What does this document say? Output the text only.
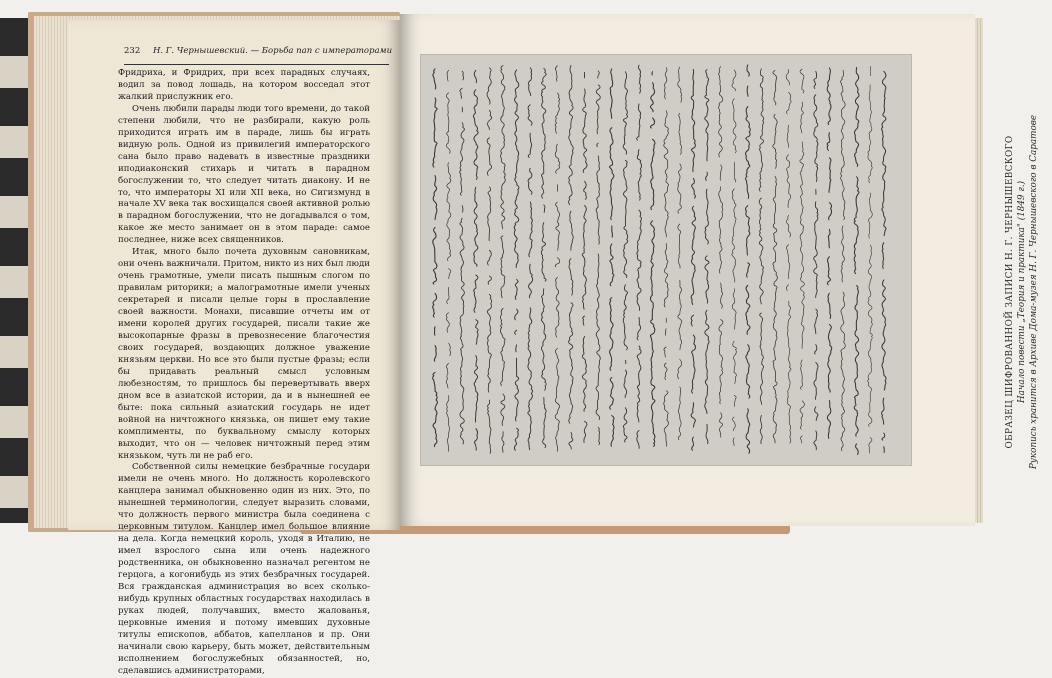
232 Н. Г. Чернышевский. — Борьба пап с императорами

Фридриха, и Фридрих, при всех парадных случаях, водил за повод лошадь, на котором восседал этот жалкий прислужник его.

Очень любили парады люди того времени, до такой степени любили, что не разбирали, какую роль приходится играть им в параде, лишь бы играть видную роль. Одной из привилегий императорского сана было право надевать в известные праздники иподиаконский стихарь и читать в парадном богослужении то, что следует читать диакону. И не то, что императоры XI или XII века, но Сигизмунд в начале XV века так восхищался своей активной ролью в парадном богослужении, что не догадывался о том, какое же место занимает он в этом параде: самое последнее, ниже всех священников.

Итак, много было почета духовным сановникам, они очень важничали. Притом, никто из них был люди очень грамотные, умели писать пышным слогом по правилам риторики; а малограмотные имели ученых секретарей и писали целые горы в прославление своей важности. Монахи, писавшие отчеты им от имени королей других государей, писали такие же высокопарные фразы в превознесение благочестия своих государей, воздающих должное уважение князьям церкви. Но все это были пустые фразы; если бы придавать реальный смысл условным любезностям, то пришлось бы перевертывать вверх дном все в азиатской истории, да и в нынешней ее быте: пока сильный азиатский государь не идет войной на ничтожного князька, он пишет ему такие комплименты, по буквальному смыслу которых выходит, что он — человек ничтожный перед этим князьком, чуть ли не раб его.

Собственной силы немецкие безбрачные государи имели не очень много. Но должность королевского канцлера занимал обыкновенно один из них. Это, по нынешней терминологии, следует выразить словами, что должность первого министра была соединена с церковным титулом. Канцлер имел большое влияние на дела. Когда немецкий король, уходя в Италию, не имел взрослого сына или очень надежного родственника, он обыкновенно назначал регентом не герцога, а когонибудь из этих безбрачных государей. Вся гражданская администрация во всех сколько-нибудь крупных областных государствах находилась в руках людей, получавших, вместо жалованья, церковные имения и потому имевших духовные титулы епископов, аббатов, капелланов и пр. Они начинали свою карьеру, быть может, действительным исполнением богослужебных обязанностей, но, сделавшись администраторами,

ОБРАЗЕЦ ШИФРОВАННОЙ ЗАПИСИ Н. Г. ЧЕРНЫШЕВСКОГО Начало повести „Теория и практика" (1849 г.) Рукопись хранится в Архиве Дома-музея Н. Г. Чернышевского в Саратове
